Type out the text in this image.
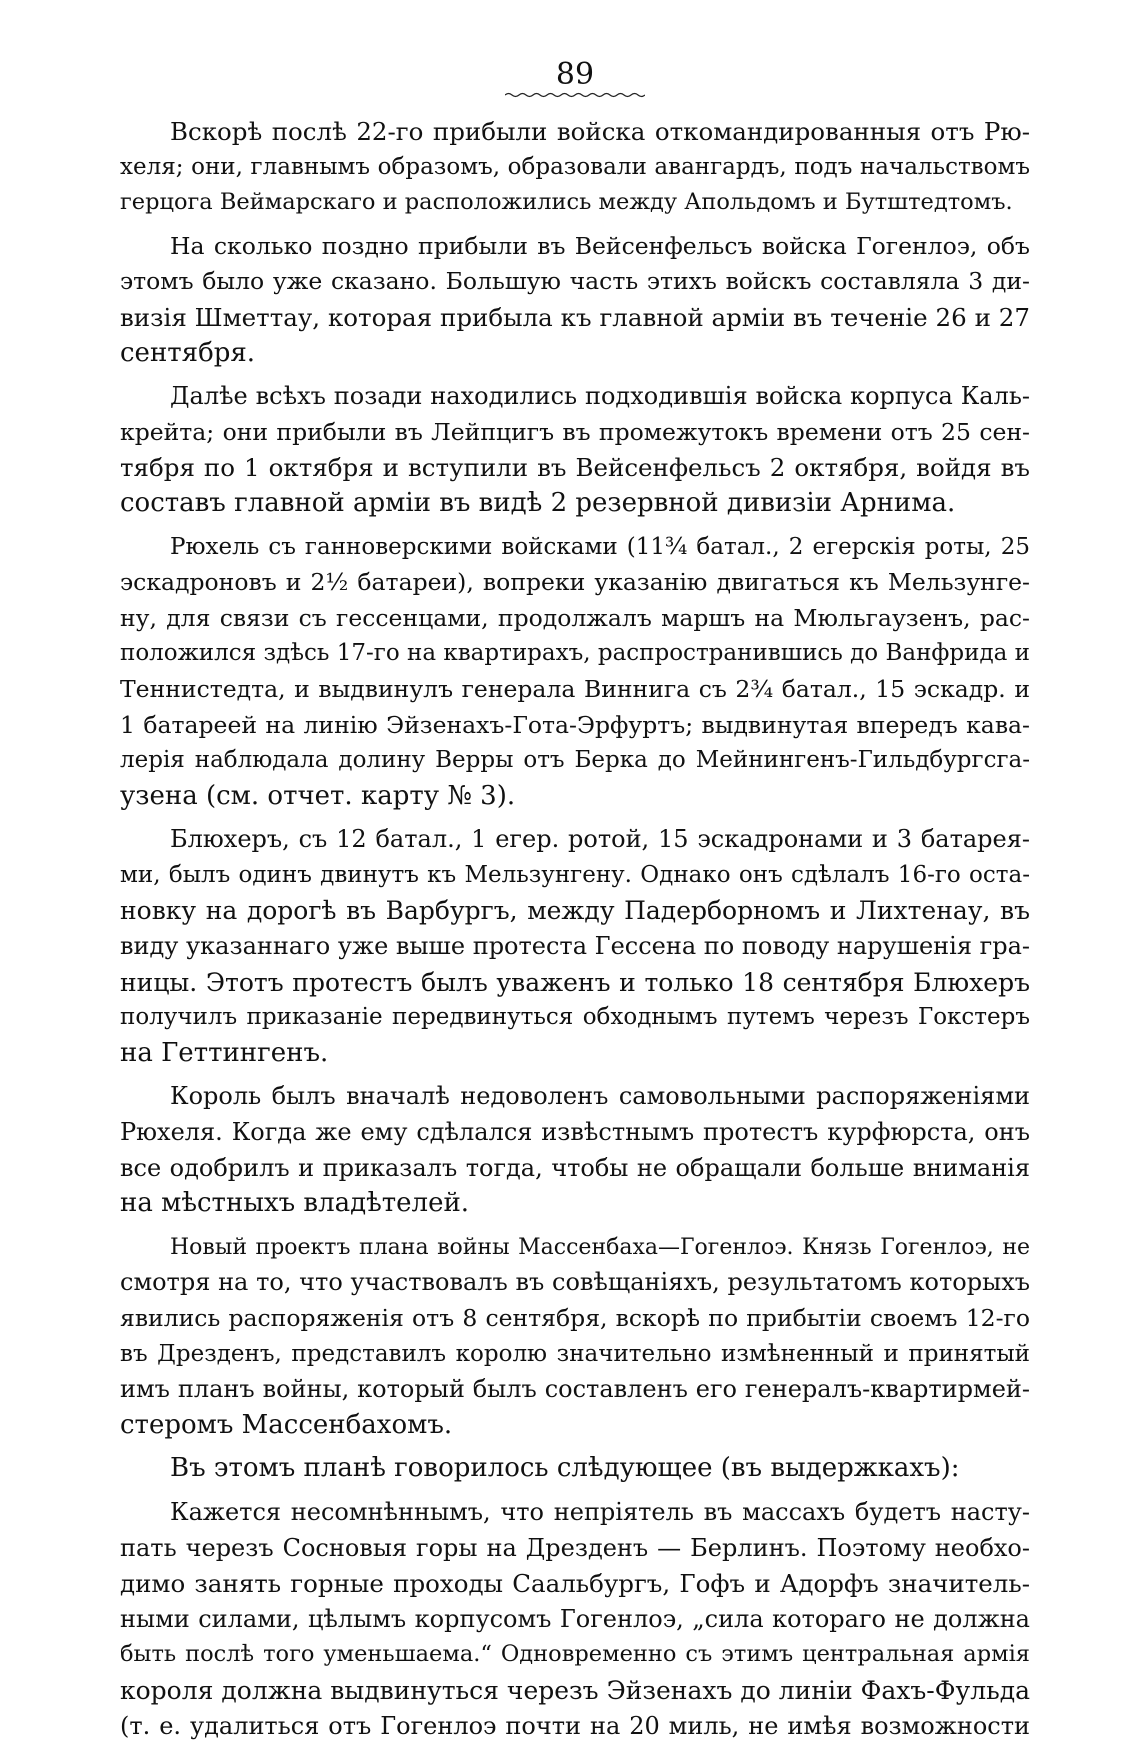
89
Вскорѣ послѣ 22-го прибыли войска откомандированныя отъ Рю-
хеля; они, главнымъ образомъ, образовали авангардъ, подъ начальствомъ
герцога Веймарскаго и расположились между Апольдомъ и Бутштедтомъ.
На сколько поздно прибыли въ Вейсенфельсъ войска Гогенлоэ, объ
этомъ было уже сказано. Большую часть этихъ войскъ составляла 3 ди-
визія Шметтау, которая прибыла къ главной арміи въ теченіе 26 и 27
сентября.
Далѣе всѣхъ позади находились подходившія войска корпуса Каль-
крейта; они прибыли въ Лейпцигъ въ промежутокъ времени отъ 25 сен-
тября по 1 октября и вступили въ Вейсенфельсъ 2 октября, войдя въ
составъ главной арміи въ видѣ 2 резервной дивизіи Арнима.
Рюхель съ ганноверскими войсками (11¾ батал., 2 егерскія роты, 25
эскадроновъ и 2½ батареи), вопреки указанію двигаться къ Мельзунге-
ну, для связи съ гессенцами, продолжалъ маршъ на Мюльгаузенъ, рас-
положился здѣсь 17-го на квартирахъ, распространившись до Ванфрида и
Теннистедта, и выдвинулъ генерала Виннига съ 2¾ батал., 15 эскадр. и
1 батареей на линію Эйзенахъ-Гота-Эрфуртъ; выдвинутая впередъ кава-
лерія наблюдала долину Верры отъ Берка до Мейнингенъ-Гильдбургсга-
узена (см. отчет. карту № 3).
Блюхеръ, съ 12 батал., 1 егер. ротой, 15 эскадронами и 3 батарея-
ми, былъ одинъ двинутъ къ Мельзунгену. Однако онъ сдѣлалъ 16-го оста-
новку на дорогѣ въ Варбургъ, между Падерборномъ и Лихтенау, въ
виду указаннаго уже выше протеста Гессена по поводу нарушенія гра-
ницы. Этотъ протестъ былъ уваженъ и только 18 сентября Блюхеръ
получилъ приказаніе передвинуться обходнымъ путемъ черезъ Гокстеръ
на Геттингенъ.
Король былъ вначалѣ недоволенъ самовольными распоряженіями
Рюхеля. Когда же ему сдѣлался извѣстнымъ протестъ курфюрста, онъ
все одобрилъ и приказалъ тогда, чтобы не обращали больше вниманія
на мѣстныхъ владѣтелей.
Новый проектъ плана войны Массенбаха—Гогенлоэ. Князь Гогенлоэ, не
смотря на то, что участвовалъ въ совѣщаніяхъ, результатомъ которыхъ
явились распоряженія отъ 8 сентября, вскорѣ по прибытіи своемъ 12-го
въ Дрезденъ, представилъ королю значительно измѣненный и принятый
имъ планъ войны, который былъ составленъ его генералъ-квартирмей-
стеромъ Массенбахомъ.
Въ этомъ планѣ говорилось слѣдующее (въ выдержкахъ):
Кажется несомнѣннымъ, что непріятель въ массахъ будетъ насту-
пать черезъ Сосновыя горы на Дрезденъ — Берлинъ. Поэтому необхо-
димо занять горные проходы Саальбургъ, Гофъ и Адорфъ значитель-
ными силами, цѣлымъ корпусомъ Гогенлоэ, „сила котораго не должна
быть послѣ того уменьшаема.“ Одновременно съ этимъ центральная армія
короля должна выдвинуться черезъ Эйзенахъ до линіи Фахъ-Фульда
(т. е. удалиться отъ Гогенлоэ почти на 20 миль, не имѣя возможности
